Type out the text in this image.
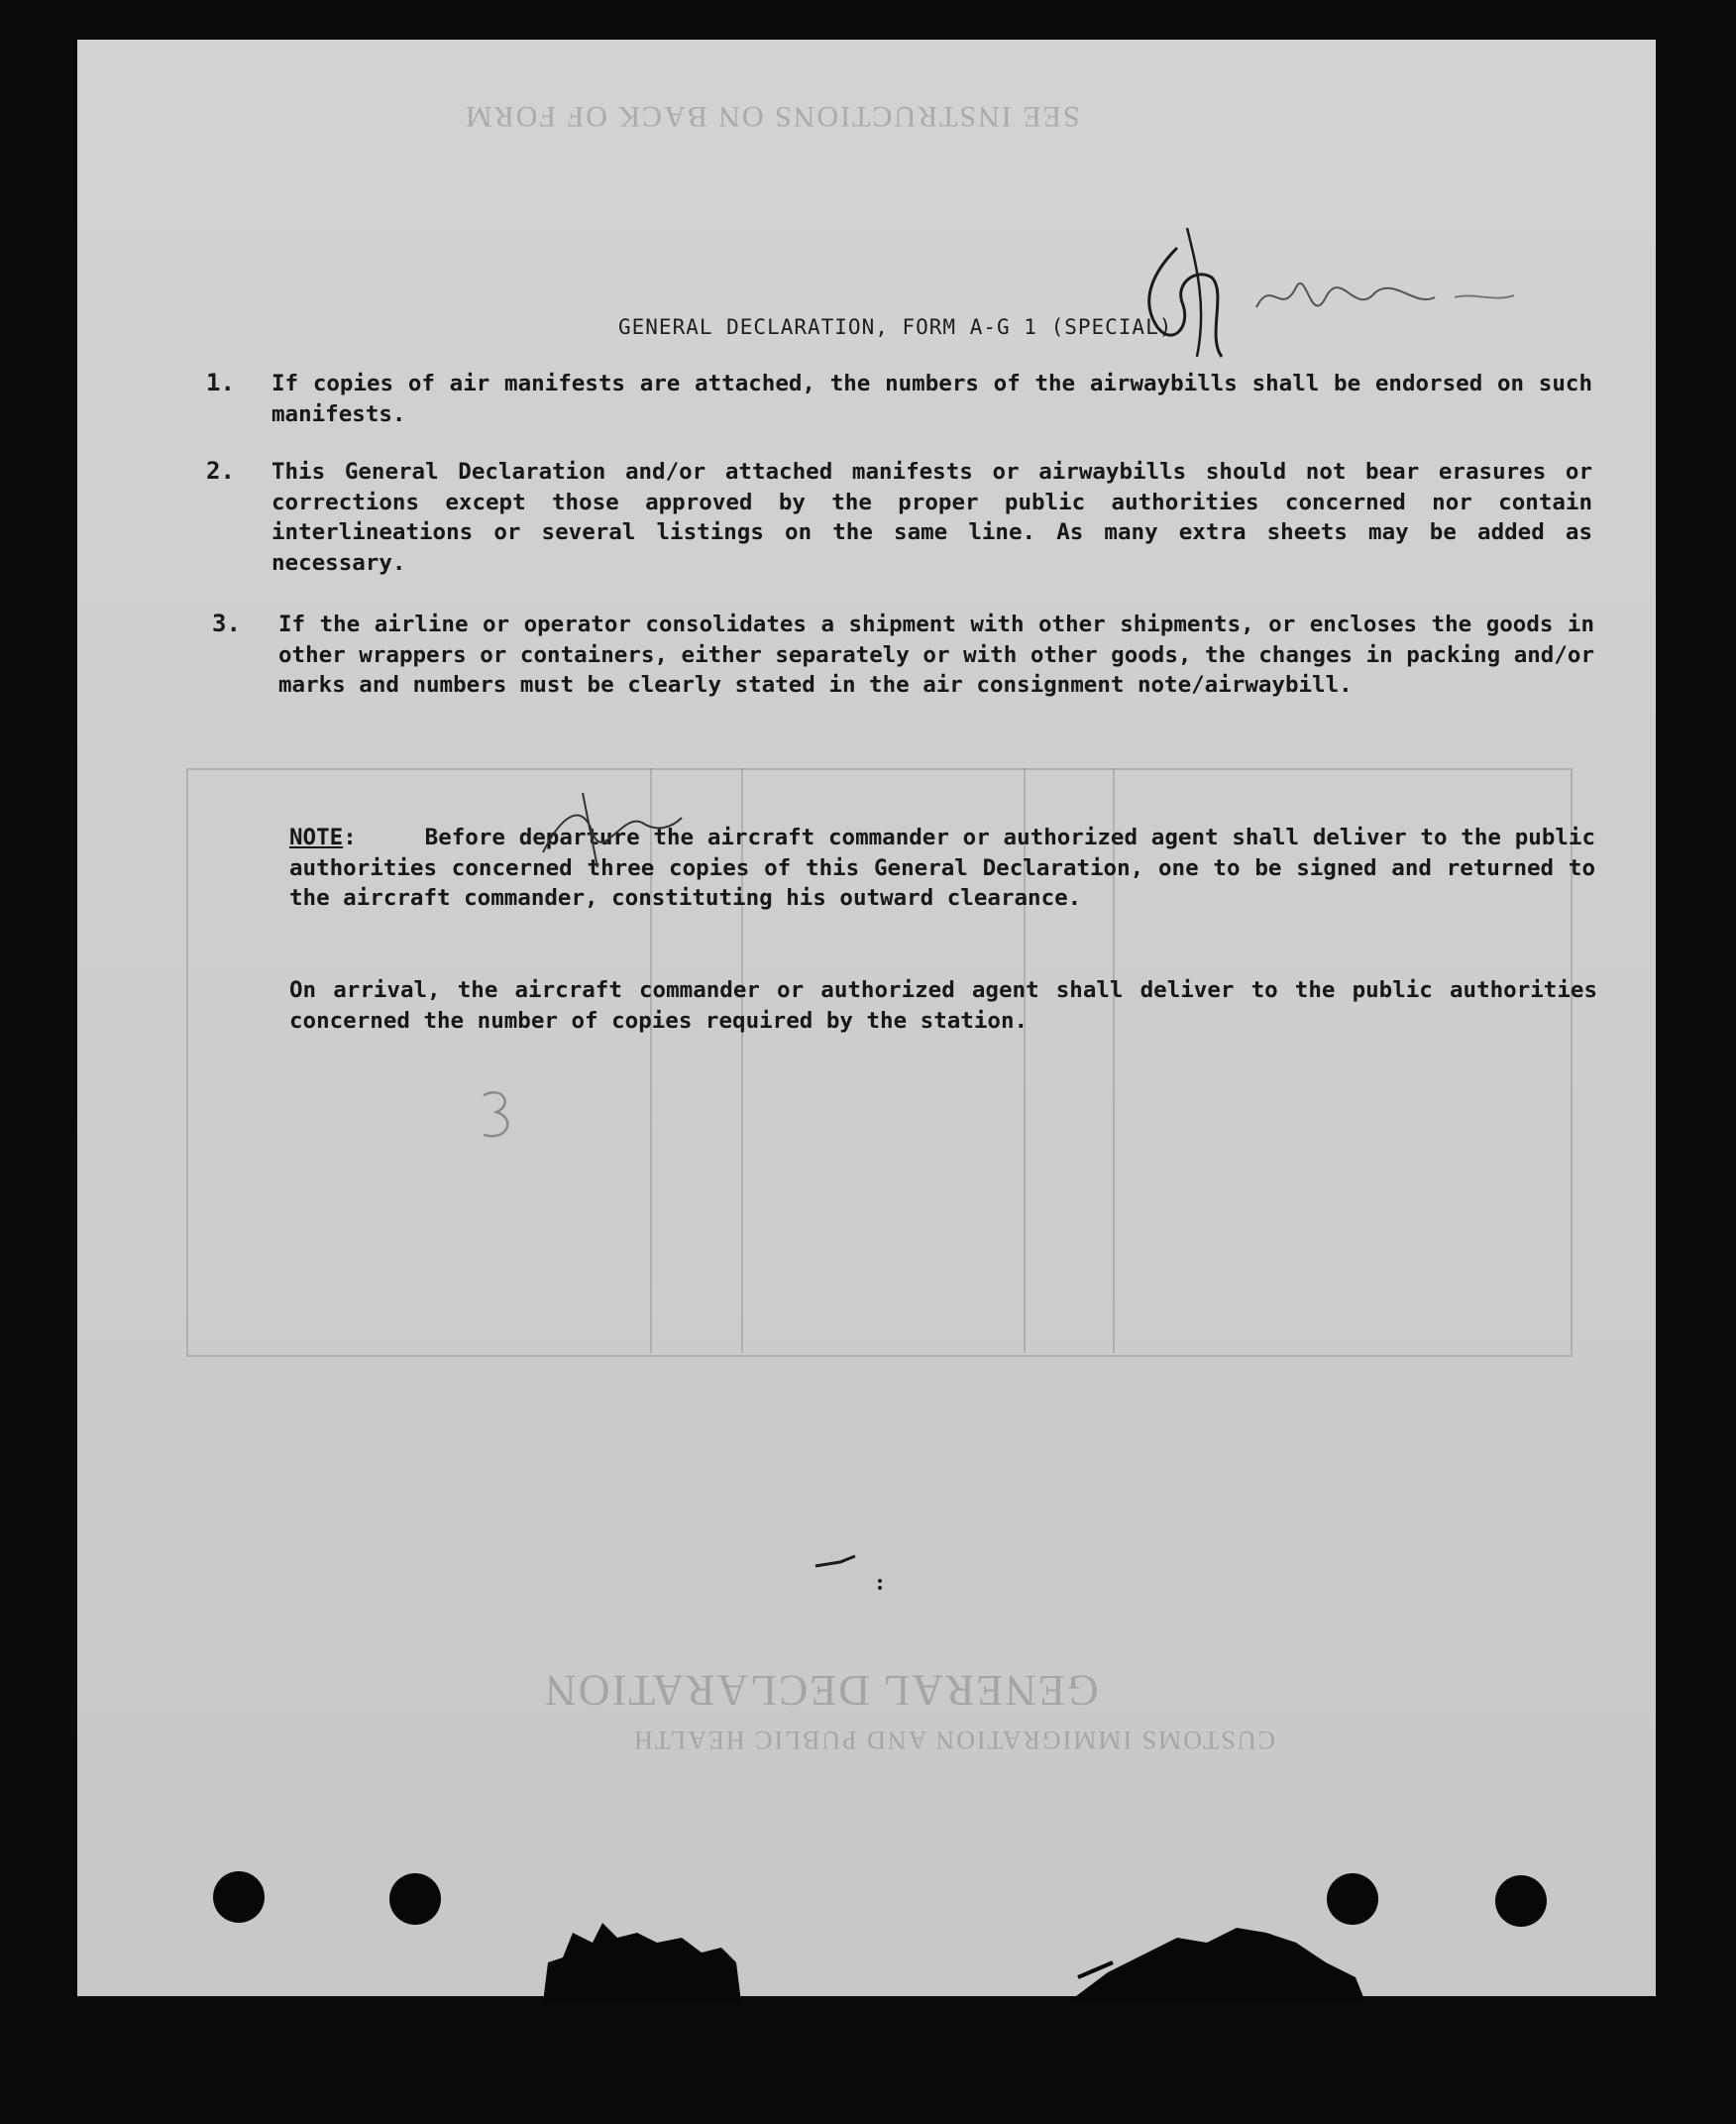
SEE INSTRUCTIONS ON BACK OF FORM
GENERAL DECLARATION
CUSTOMS IMMIGRATION AND PUBLIC HEALTH
GENERAL DECLARATION, FORM A-G 1 (SPECIAL)
1. If copies of air manifests are attached, the numbers of the airwaybills shall be endorsed on such manifests.
2. This General Declaration and/or attached manifests or airwaybills should not bear erasures or corrections except those approved by the proper public authorities concerned nor contain interlineations or several listings on the same line. As many extra sheets may be added as necessary.
3. If the airline or operator consolidates a shipment with other shipments, or encloses the goods in other wrappers or containers, either separately or with other goods, the changes in packing and/or marks and numbers must be clearly stated in the air consignment note/airwaybill.
NOTE:     Before departure the aircraft commander or authorized agent shall deliver to the public authorities concerned three copies of this General Declaration, one to be signed and returned to the aircraft commander, constituting his outward clearance.
On arrival, the aircraft commander or authorized agent shall deliver to the public authorities concerned the number of copies required by the station.
